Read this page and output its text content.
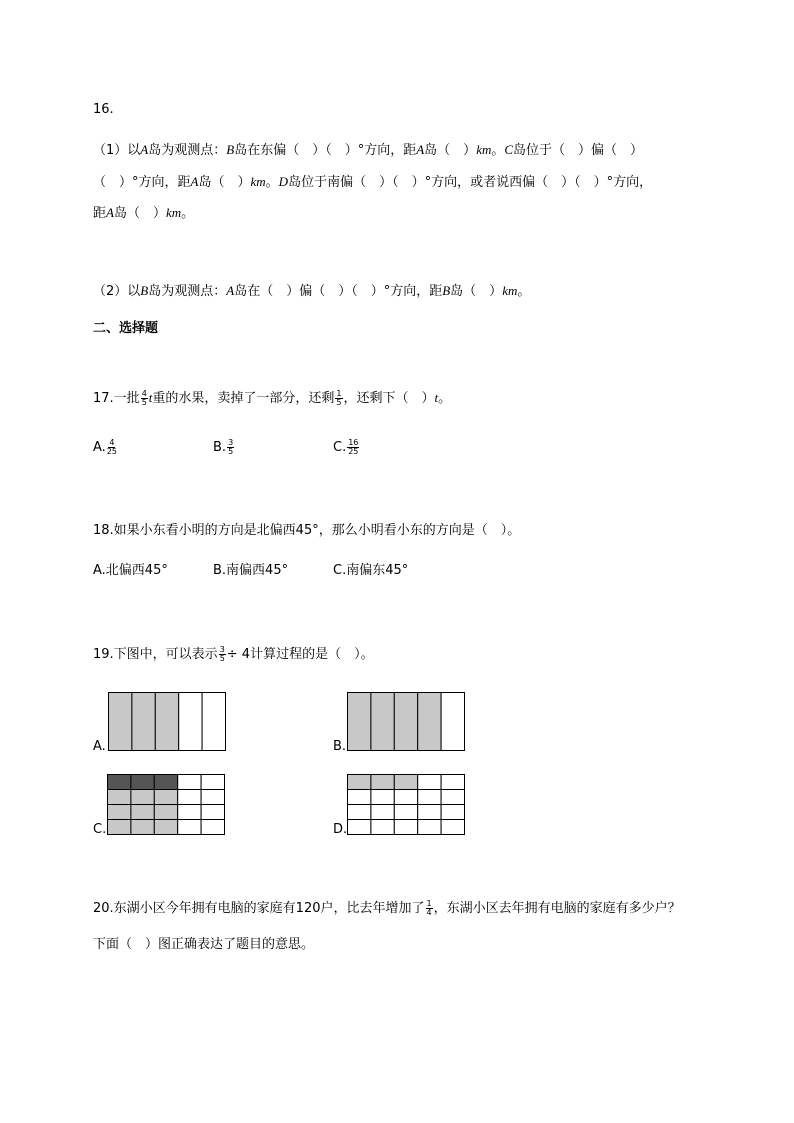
16.
（1）以A岛为观测点：B岛在东偏（　）（　）°方向，距A岛（　）km。C岛位于（　）偏（　）
（　）°方向，距A岛（　）km。D岛位于南偏（　）（　）°方向，或者说西偏（　）（　）°方向，
距A岛（　）km。
（2）以B岛为观测点：A岛在（　）偏（　）（　）°方向，距B岛（　）km。
二、选择题
17.一批 $\frac{4}{5}$ t重的水果，卖掉了一部分，还剩 $\frac{1}{5}$ ，还剩下（　）t。
A. $\frac{4}{25}$	B. $\frac{3}{5}$	C. $\frac{16}{25}$
18.如果小东看小明的方向是北偏西45°，那么小明看小东的方向是（　）。
A.北偏西45°	B.南偏西45°	C.南偏东45°
19.下图中，可以表示 $\frac{3}{5} \div 4$计算过程的是（　）。
A.	B.
C.	D.
20.东湖小区今年拥有电脑的家庭有120户，比去年增加了 $\frac{1}{4}$ ，东湖小区去年拥有电脑的家庭有多少户？
下面（　）图正确表达了题目的意思。
